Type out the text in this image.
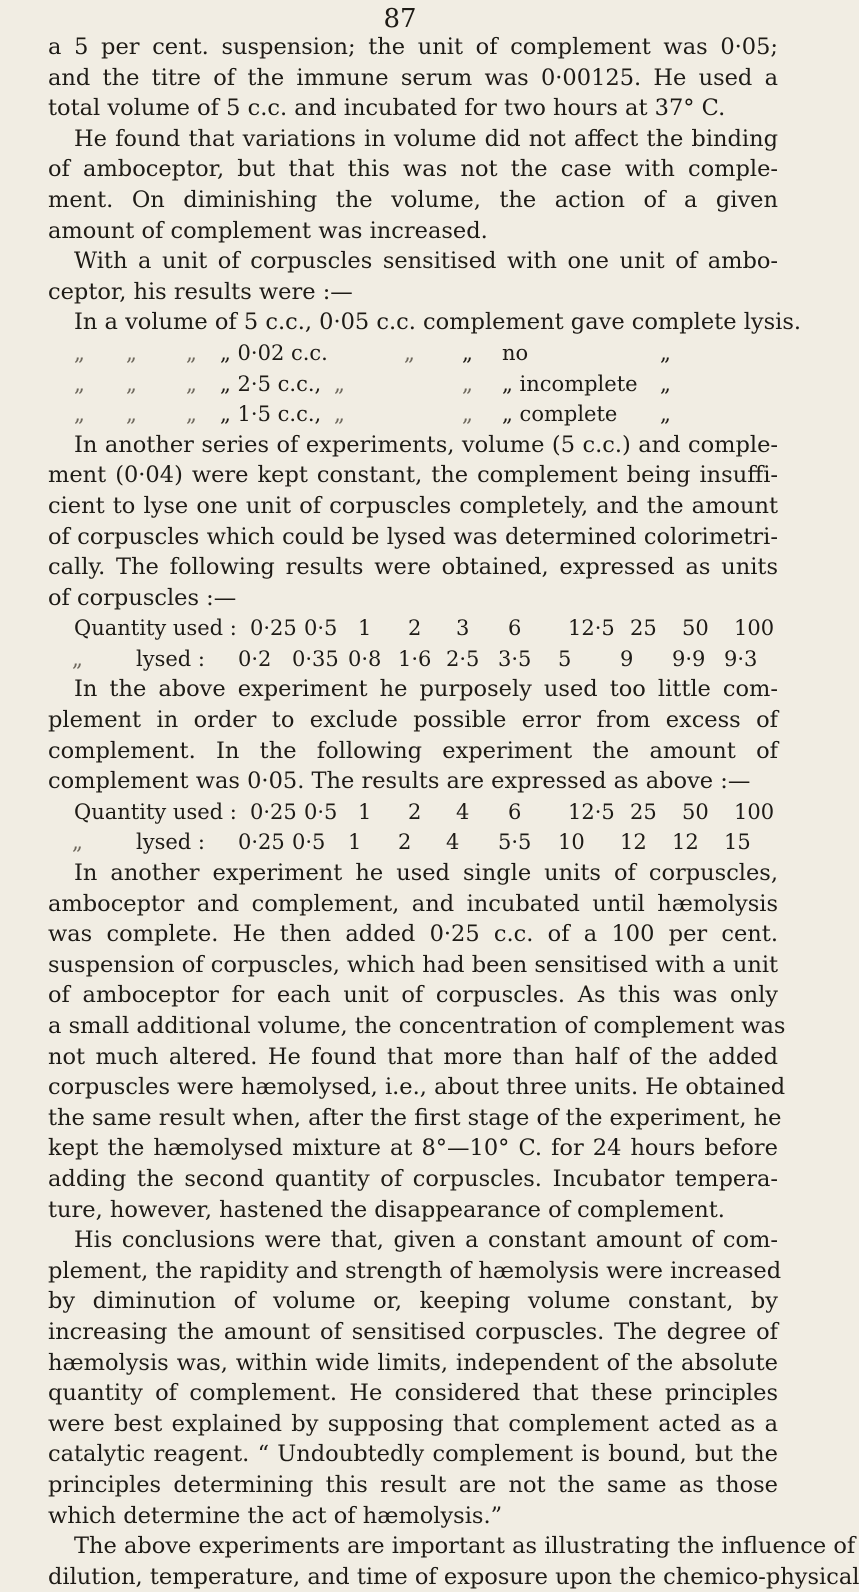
87
a 5 per cent. suspension; the unit of complement was 0·05;
and the titre of the immune serum was 0·00125. He used a
total volume of 5 c.c. and incubated for two hours at 37° C.
He found that variations in volume did not affect the binding
of amboceptor, but that this was not the case with comple-
ment. On diminishing the volume, the action of a given
amount of complement was increased.
With a unit of corpuscles sensitised with one unit of ambo-
ceptor, his results were :—
In a volume of 5 c.c., 0·05 c.c. complement gave complete lysis.
„	„	„	„ 0·02 c.c.	„	„	no	„
„	„	„	„ 2·5 c.c., „	„	„ incomplete	„
„	„	„	„ 1·5 c.c., „	„	„ complete	„
In another series of experiments, volume (5 c.c.) and comple-
ment (0·04) were kept constant, the complement being insuffi-
cient to lyse one unit of corpuscles completely, and the amount
of corpuscles which could be lysed was determined colorimetri-
cally. The following results were obtained, expressed as units
of corpuscles :—
Quantity used : 0·25 0·5 1	2	3	6	12·5 25	50	100
„	lysed :	0·2 0·35 0·8 1·6 2·5 3·5	5	9	9·9 9·3
In the above experiment he purposely used too little com-
plement in order to exclude possible error from excess of
complement. In the following experiment the amount of
complement was 0·05. The results are expressed as above :—
Quantity used : 0·25 0·5 1	2	4	6	12·5 25	50	100
„	lysed :	0·25 0·5	1	2	4	5·5	10	12	12	15
In another experiment he used single units of corpuscles,
amboceptor and complement, and incubated until hæmolysis
was complete. He then added 0·25 c.c. of a 100 per cent.
suspension of corpuscles, which had been sensitised with a unit
of amboceptor for each unit of corpuscles. As this was only
a small additional volume, the concentration of complement was
not much altered. He found that more than half of the added
corpuscles were hæmolysed, i.e., about three units. He obtained
the same result when, after the first stage of the experiment, he
kept the hæmolysed mixture at 8°—10° C. for 24 hours before
adding the second quantity of corpuscles. Incubator tempera-
ture, however, hastened the disappearance of complement.
His conclusions were that, given a constant amount of com-
plement, the rapidity and strength of hæmolysis were increased
by diminution of volume or, keeping volume constant, by
increasing the amount of sensitised corpuscles. The degree of
hæmolysis was, within wide limits, independent of the absolute
quantity of complement. He considered that these principles
were best explained by supposing that complement acted as a
catalytic reagent. “ Undoubtedly complement is bound, but the
principles determining this result are not the same as those
which determine the act of hæmolysis.”
The above experiments are important as illustrating the influence of
dilution, temperature, and time of exposure upon the chemico-physical
